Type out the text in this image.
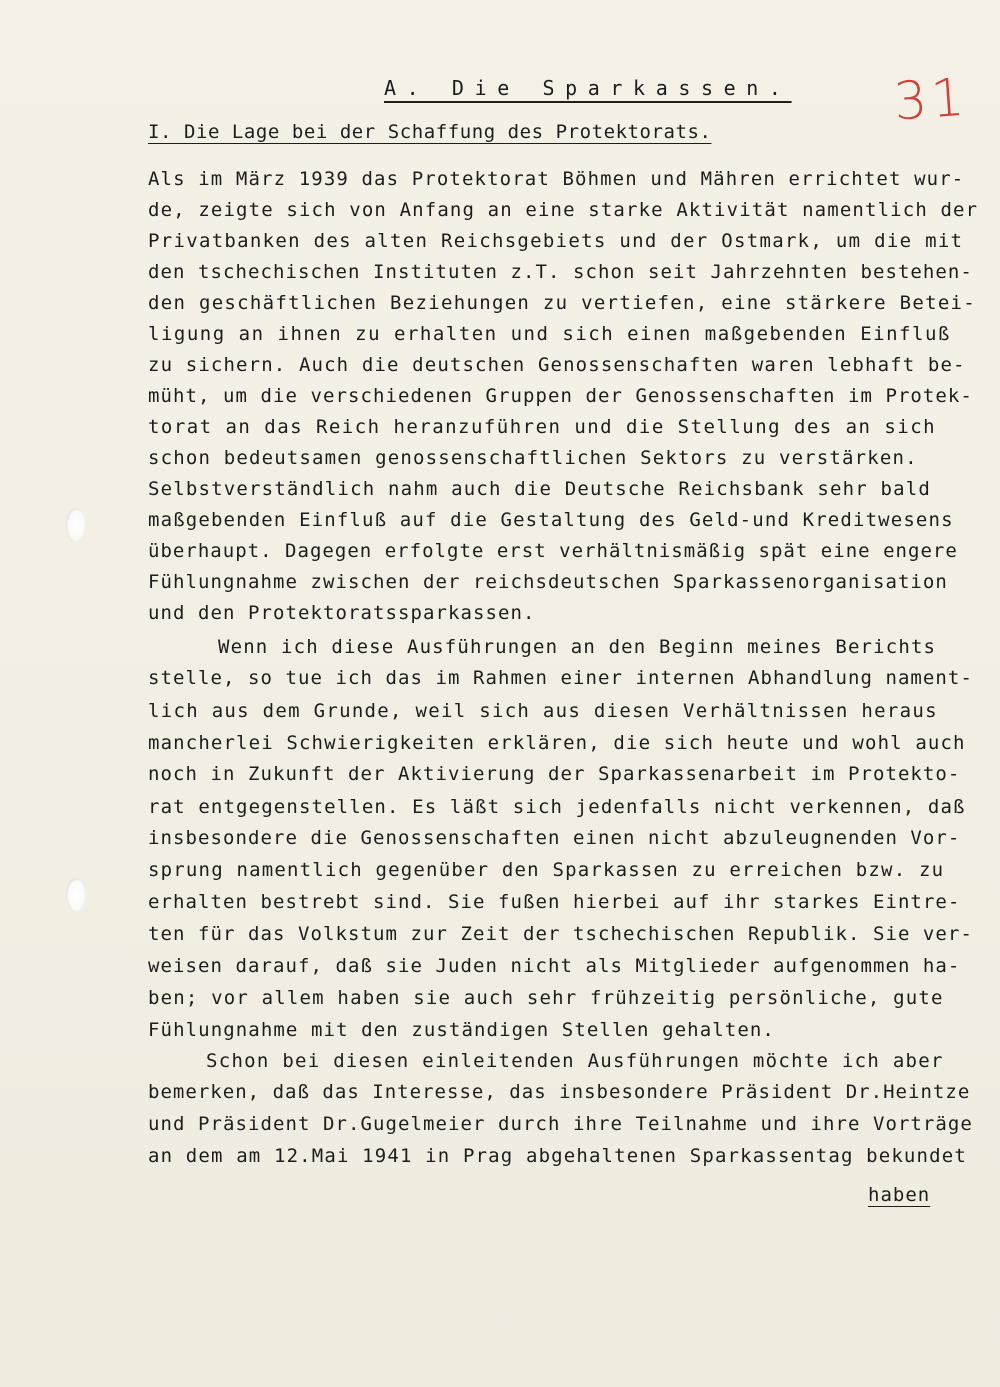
31
A. Die Sparkassen.
I. Die Lage bei der Schaffung des Protektorats.
Als im März 1939 das Protektorat Böhmen und Mähren errichtet wur-
de, zeigte sich von Anfang an eine starke Aktivität namentlich der
Privatbanken des alten Reichsgebiets und der Ostmark, um die mit
den tschechischen Instituten z.T. schon seit Jahrzehnten bestehen-
den geschäftlichen Beziehungen zu vertiefen, eine stärkere Betei-
ligung an ihnen zu erhalten und sich einen maßgebenden Einfluß
zu sichern. Auch die deutschen Genossenschaften waren lebhaft be-
müht, um die verschiedenen Gruppen der Genossenschaften im Protek-
torat an das Reich heranzuführen und die Stellung des an sich
schon bedeutsamen genossenschaftlichen Sektors zu verstärken.
Selbstverständlich nahm auch die Deutsche Reichsbank sehr bald
maßgebenden Einfluß auf die Gestaltung des Geld-und Kreditwesens
überhaupt. Dagegen erfolgte erst verhältnismäßig spät eine engere
Fühlungnahme zwischen der reichsdeutschen Sparkassenorganisation
und den Protektoratssparkassen.
Wenn ich diese Ausführungen an den Beginn meines Berichts
stelle, so tue ich das im Rahmen einer internen Abhandlung nament-
lich aus dem Grunde, weil sich aus diesen Verhältnissen heraus
mancherlei Schwierigkeiten erklären, die sich heute und wohl auch
noch in Zukunft der Aktivierung der Sparkassenarbeit im Protekto-
rat entgegenstellen. Es läßt sich jedenfalls nicht verkennen, daß
insbesondere die Genossenschaften einen nicht abzuleugnenden Vor-
sprung namentlich gegenüber den Sparkassen zu erreichen bzw. zu
erhalten bestrebt sind. Sie fußen hierbei auf ihr starkes Eintre-
ten für das Volkstum zur Zeit der tschechischen Republik. Sie ver-
weisen darauf, daß sie Juden nicht als Mitglieder aufgenommen ha-
ben; vor allem haben sie auch sehr frühzeitig persönliche, gute
Fühlungnahme mit den zuständigen Stellen gehalten.
Schon bei diesen einleitenden Ausführungen möchte ich aber
bemerken, daß das Interesse, das insbesondere Präsident Dr.Heintze
und Präsident Dr.Gugelmeier durch ihre Teilnahme und ihre Vorträge
an dem am 12.Mai 1941 in Prag abgehaltenen Sparkassentag bekundet
haben
